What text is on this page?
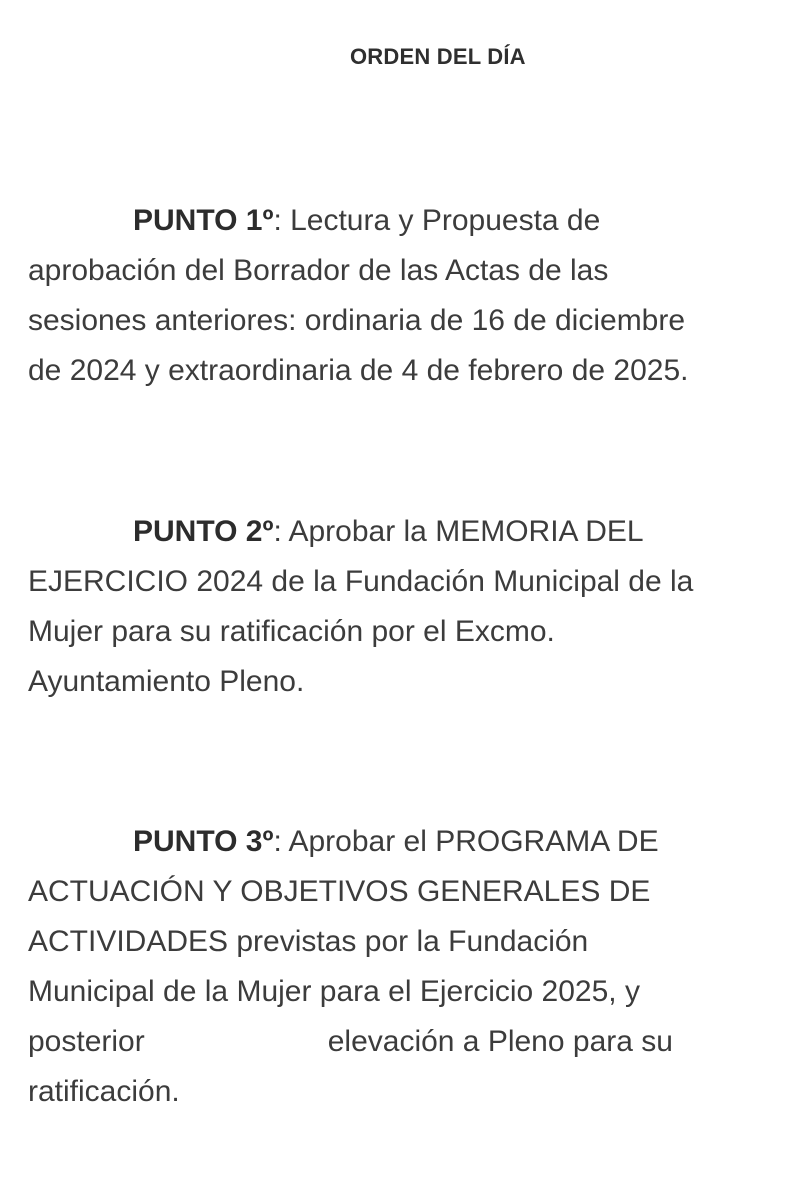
ORDEN DEL DÍA
PUNTO 1º: Lectura y Propuesta de
aprobación del Borrador de las Actas de las
sesiones anteriores: ordinaria de 16 de diciembre
de 2024 y extraordinaria de 4 de febrero de 2025.
PUNTO 2º: Aprobar la MEMORIA DEL
EJERCICIO 2024 de la Fundación Municipal de la
Mujer para su ratificación por el Excmo.
Ayuntamiento Pleno.
PUNTO 3º: Aprobar el PROGRAMA DE
ACTUACIÓN Y OBJETIVOS GENERALES DE
ACTIVIDADES previstas por la Fundación
Municipal de la Mujer para el Ejercicio 2025, y
posterior	elevación a Pleno para su
ratificación.
